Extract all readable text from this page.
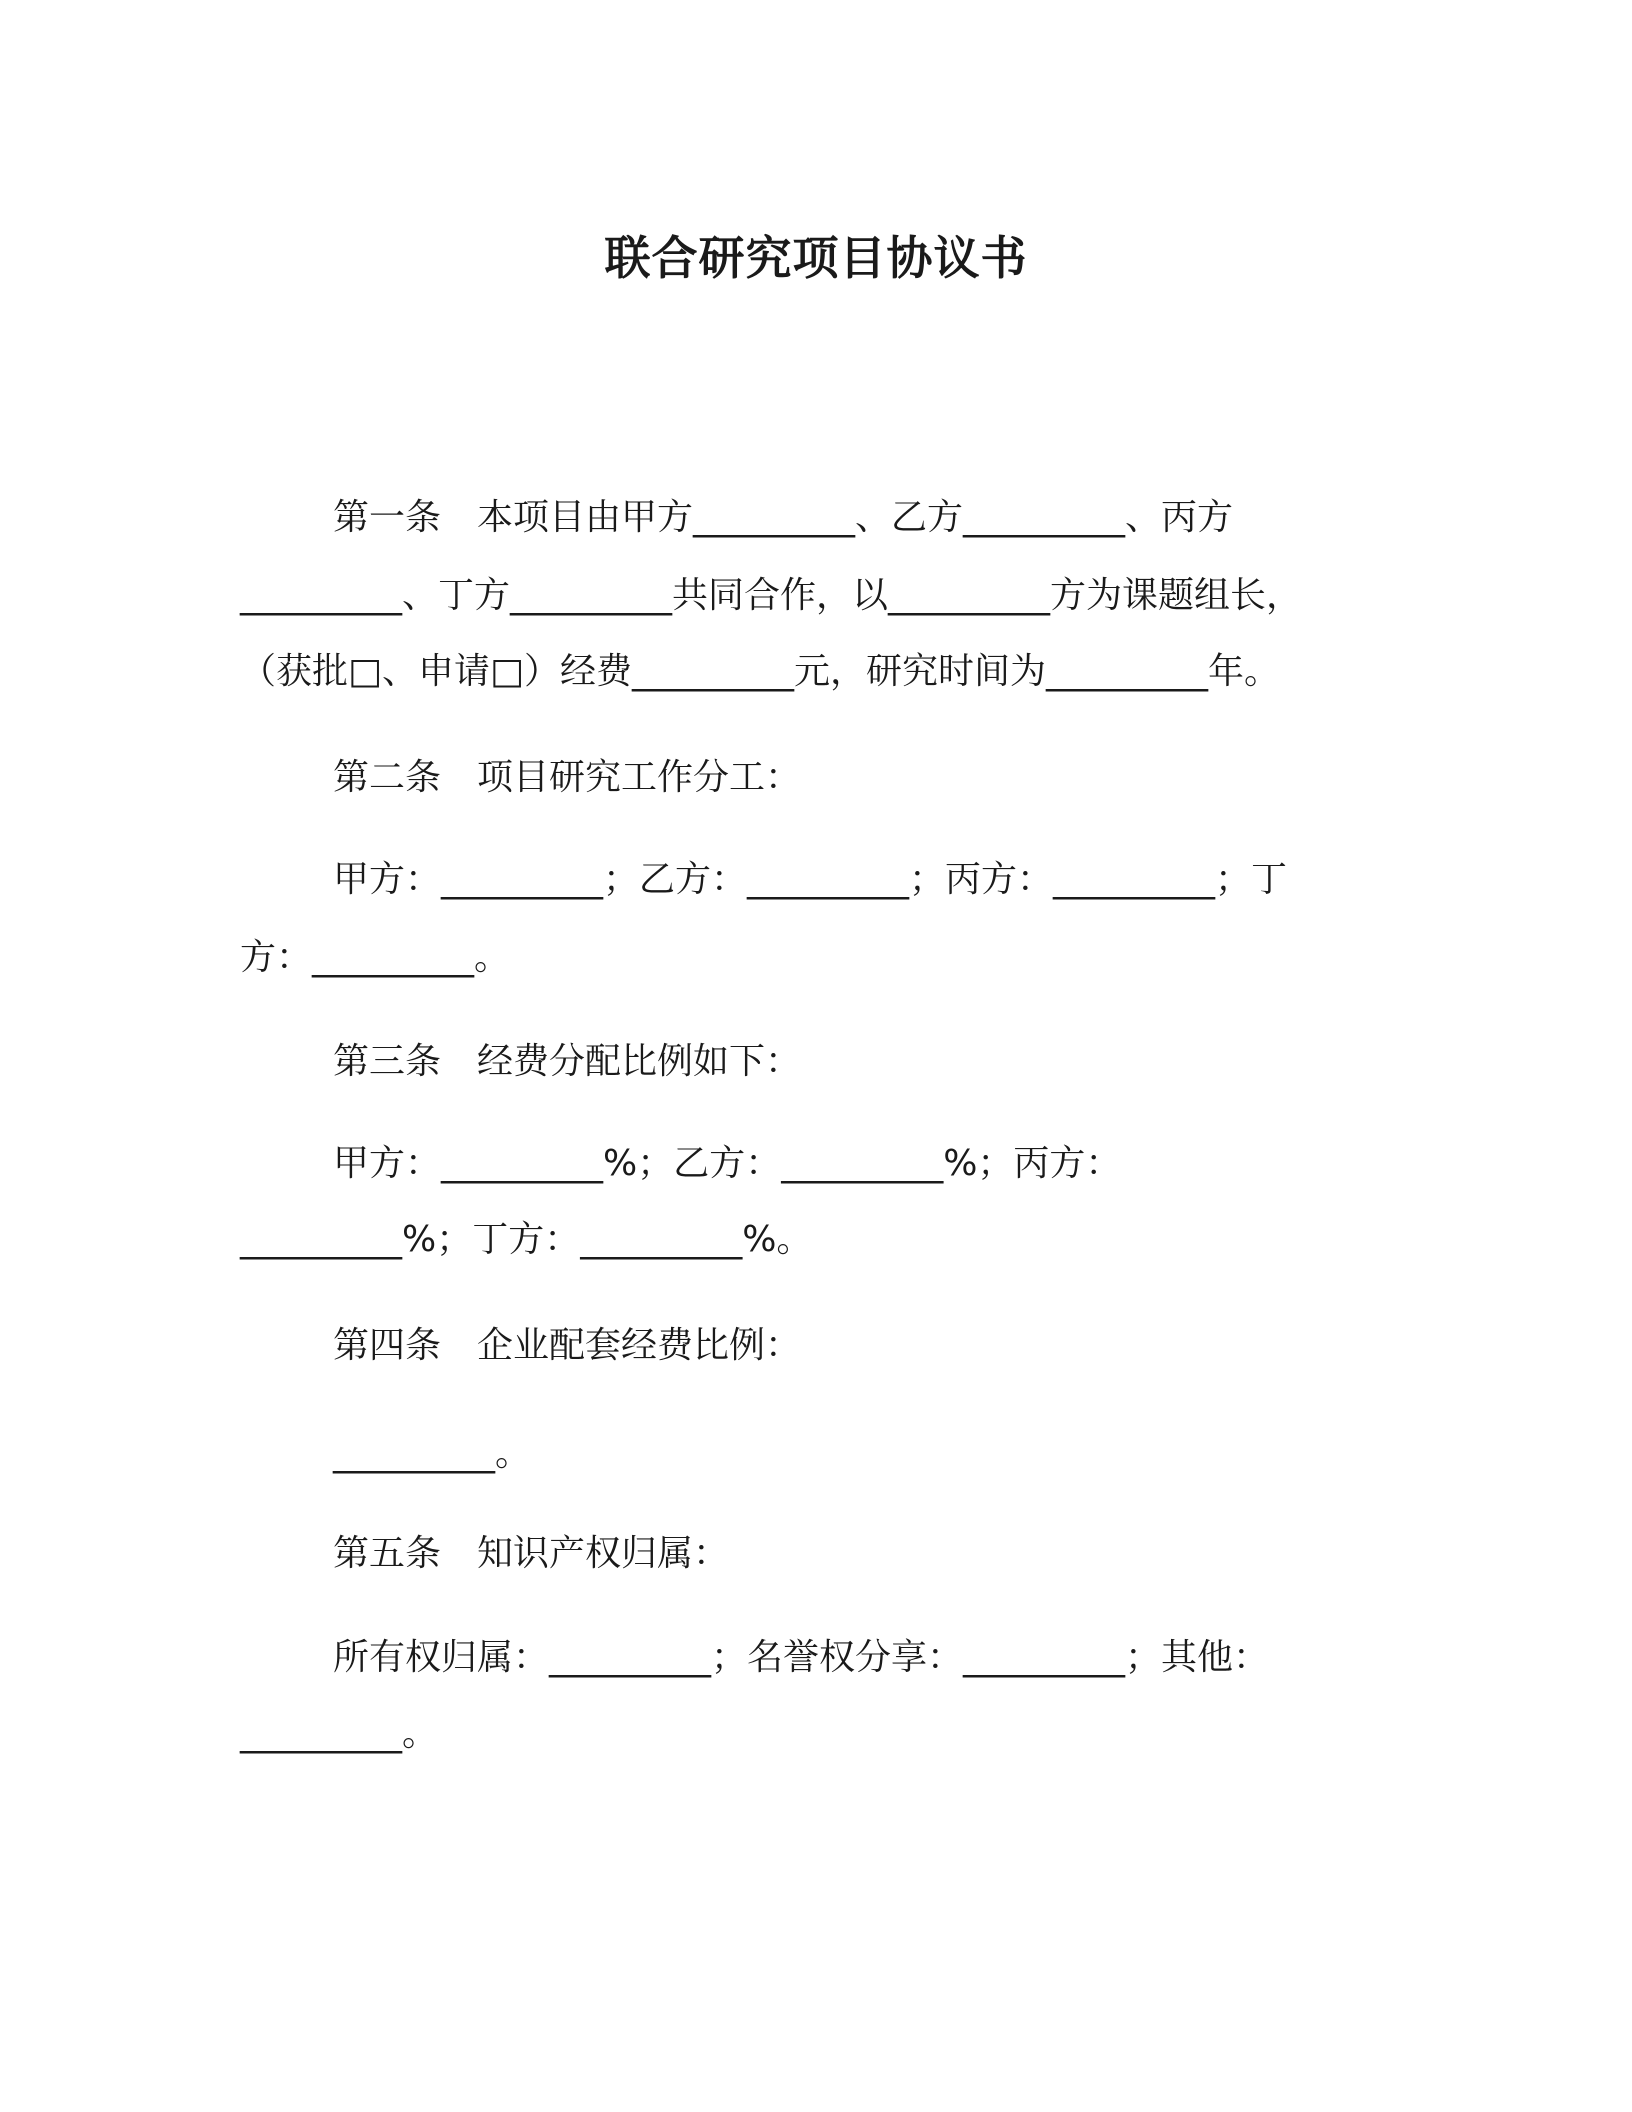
联合研究项目协议书
第一条　 本项目由甲方_________、乙方_________、丙方
_________、丁方_________共同合作，以_________方为课题组长，
（获批□、申请□）经费_________元，研究时间为_________年。
第二条　项目研究工作分工：
甲方：_________；乙方：_________；丙方：_________；丁
方：_________。
第三条　经费分配比例如下：
甲方：_________%；乙方：_________%；丙方：
_________%；丁方：_________%。
第四条　企业配套经费比例：
_________。
第五条　知识产权归属：
所有权归属：_________；名誉权分享：_________；其他：
_________。
